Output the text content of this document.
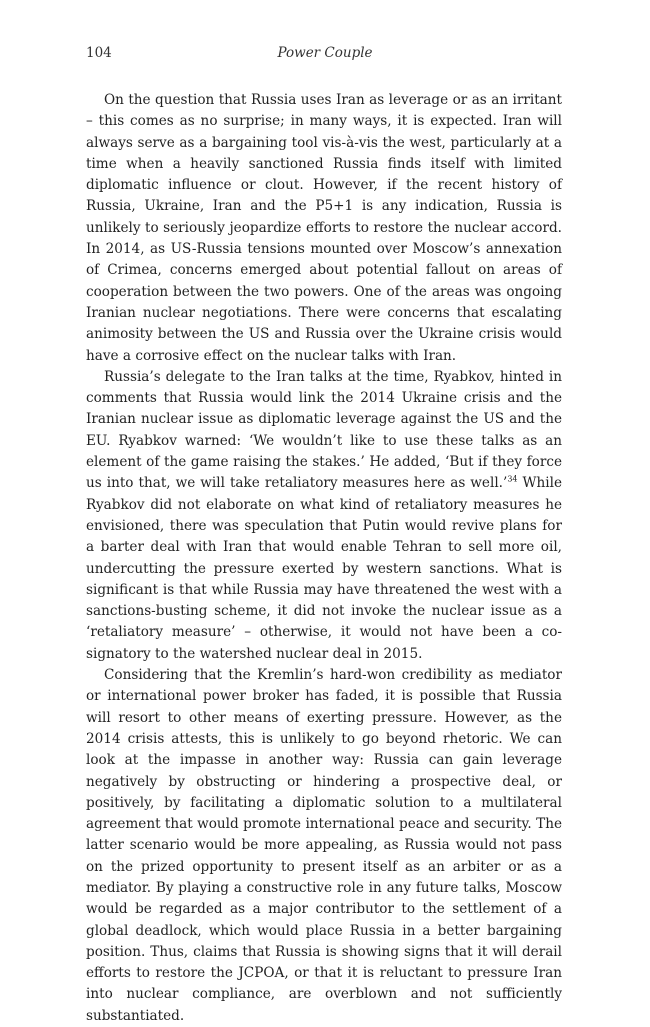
104	Power Couple

On the question that Russia uses Iran as leverage or as an irritant – this comes as no surprise; in many ways, it is expected. Iran will always serve as a bargaining tool vis-à-vis the west, particularly at a time when a heavily sanctioned Russia finds itself with limited diplomatic influence or clout. However, if the recent history of Russia, Ukraine, Iran and the P5+1 is any indication, Russia is unlikely to seriously jeopardize efforts to restore the nuclear accord. In 2014, as US-Russia tensions mounted over Moscow’s annexation of Crimea, concerns emerged about potential fallout on areas of cooperation between the two powers. One of the areas was ongoing Iranian nuclear negotiations. There were concerns that escalating animosity between the US and Russia over the Ukraine crisis would have a corrosive effect on the nuclear talks with Iran.

Russia’s delegate to the Iran talks at the time, Ryabkov, hinted in comments that Russia would link the 2014 Ukraine crisis and the Iranian nuclear issue as diplomatic leverage against the US and the EU. Ryabkov warned: ‘We wouldn’t like to use these talks as an element of the game raising the stakes.’ He added, ‘But if they force us into that, we will take retaliatory measures here as well.’$^{34}$ While Ryabkov did not elaborate on what kind of retaliatory measures he envisioned, there was speculation that Putin would revive plans for a barter deal with Iran that would enable Tehran to sell more oil, undercutting the pressure exerted by western sanctions. What is significant is that while Russia may have threatened the west with a sanctions-busting scheme, it did not invoke the nuclear issue as a ‘retaliatory measure’ – otherwise, it would not have been a co-signatory to the watershed nuclear deal in 2015.

Considering that the Kremlin’s hard-won credibility as mediator or international power broker has faded, it is possible that Russia will resort to other means of exerting pressure. However, as the 2014 crisis attests, this is unlikely to go beyond rhetoric. We can look at the impasse in another way: Russia can gain leverage negatively by obstructing or hindering a prospective deal, or positively, by facilitating a diplomatic solution to a multilateral agreement that would promote international peace and security. The latter scenario would be more appealing, as Russia would not pass on the prized opportunity to present itself as an arbiter or as a mediator. By playing a constructive role in any future talks, Moscow would be regarded as a major contributor to the settlement of a global deadlock, which would place Russia in a better bargaining position. Thus, claims that Russia is showing signs that it will derail efforts to restore the JCPOA, or that it is reluctant to pressure Iran into nuclear compliance, are overblown and not sufficiently substantiated.
